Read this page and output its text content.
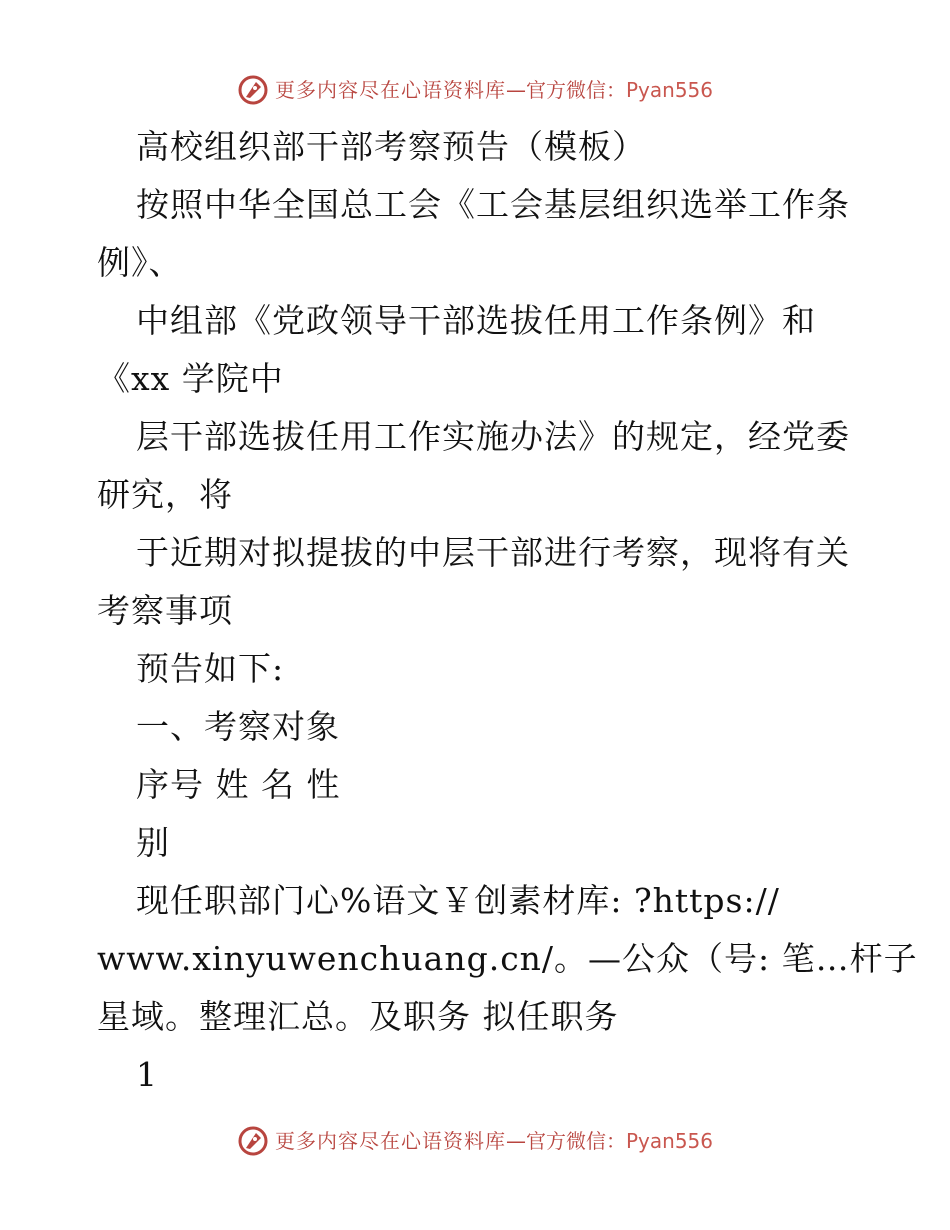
更多内容尽在心语资料库 — 官方微信： Pyan556
高校组织部干部考察预告（模板）
按照中华全国总工会《工会基层组织选举工作条
例》、
中组部《党政领导干部选拔任用工作条例》和
《xx 学院中
层干部选拔任用工作实施办法》的规定，经党委
研究，将
于近期对拟提拔的中层干部进行考察，现将有关
考察事项
预告如下:
一、考察对象
序号 姓 名 性
别
现任职部门心%语文￥创素材库: ?https://
www.xinyuwenchuang.cn/。—公众（号: 笔…杆子
星域。整理汇总。及职务 拟任职务
1
更多内容尽在心语资料库 — 官方微信： Pyan556
